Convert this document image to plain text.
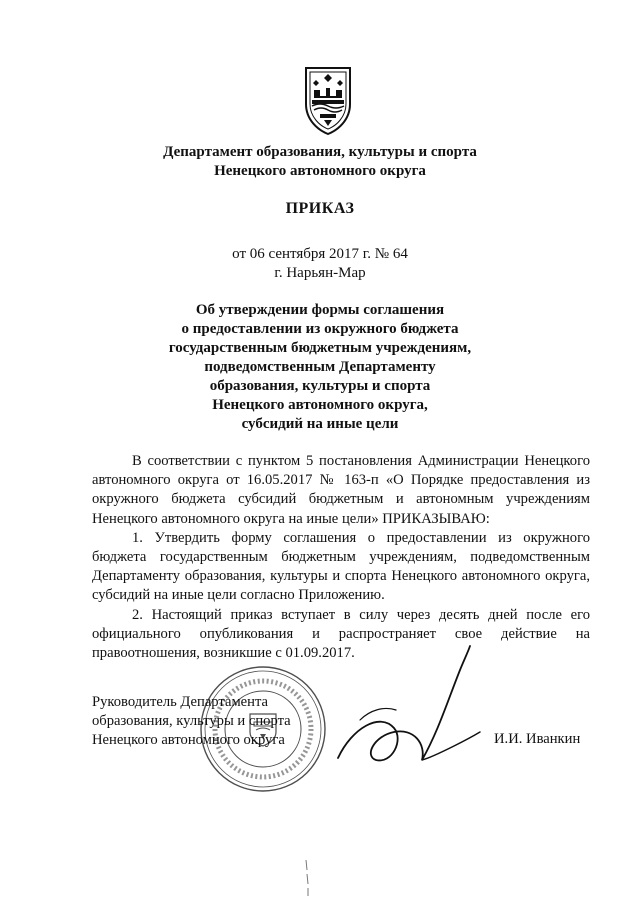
Департамент образования, культуры и спорта
Ненецкого автономного округа
ПРИКАЗ
от 06 сентября 2017 г. № 64
г. Нарьян-Мар
Об утверждении формы соглашения
о предоставлении из окружного бюджета
государственным бюджетным учреждениям,
подведомственным Департаменту
образования, культуры и спорта
Ненецкого автономного округа,
субсидий на иные цели

В соответствии с пунктом 5 постановления Администрации Ненецкого автономного округа от 16.05.2017 № 163-п «О Порядке предоставления из окружного бюджета субсидий бюджетным и автономным учреждениям Ненецкого автономного округа на иные цели» ПРИКАЗЫВАЮ:

1. Утвердить форму соглашения о предоставлении из окружного бюджета государственным бюджетным учреждениям, подведомственным Департаменту образования, культуры и спорта Ненецкого автономного округа, субсидий на иные цели согласно Приложению.

2. Настоящий приказ вступает в силу через десять дней после его официального опубликования и распространяет свое действие на правоотношения, возникшие с 01.09.2017.

Руководитель Департамента
образования, культуры и спорта
Ненецкого автономного округа	И.И. Иванкин
